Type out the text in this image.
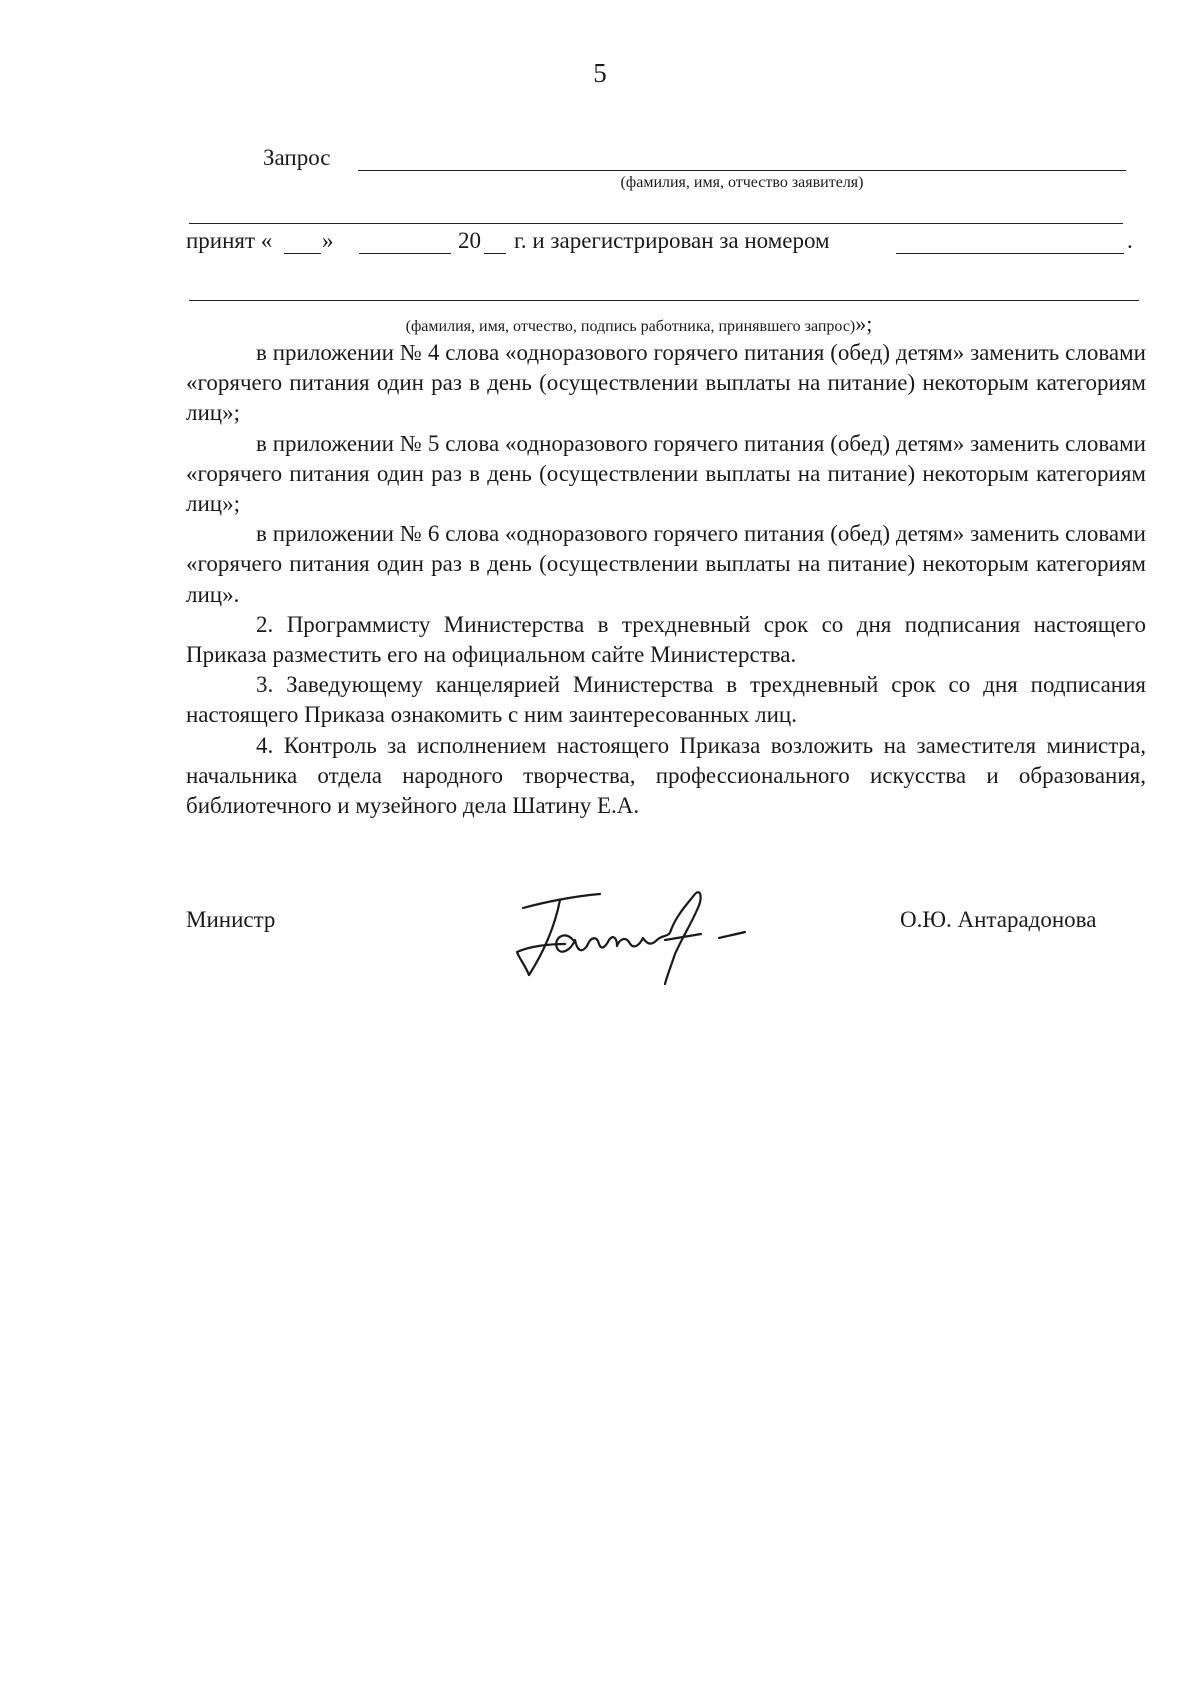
5
Запрос
(фамилия, имя, отчество заявителя)
принят « »	20 г. и зарегистрирован за номером	.
(фамилия, имя, отчество, подпись работника, принявшего запрос)»;

в приложении № 4 слова «одноразового горячего питания (обед) детям» заменить словами «горячего питания один раз в день (осуществлении выплаты на питание) некоторым категориям лиц»;

в приложении № 5 слова «одноразового горячего питания (обед) детям» заменить словами «горячего питания один раз в день (осуществлении выплаты на питание) некоторым категориям лиц»;

в приложении № 6 слова «одноразового горячего питания (обед) детям» заменить словами «горячего питания один раз в день (осуществлении выплаты на питание) некоторым категориям лиц».

2. Программисту Министерства в трехдневный срок со дня подписания настоящего Приказа разместить его на официальном сайте Министерства.

3. Заведующему канцелярией Министерства в трехдневный срок со дня подписания настоящего Приказа ознакомить с ним заинтересованных лиц.

4. Контроль за исполнением настоящего Приказа возложить на заместителя министра, начальника отдела народного творчества, профессионального искусства и образования, библиотечного и музейного дела Шатину Е.А.

Министр	О.Ю. Антарадонова
